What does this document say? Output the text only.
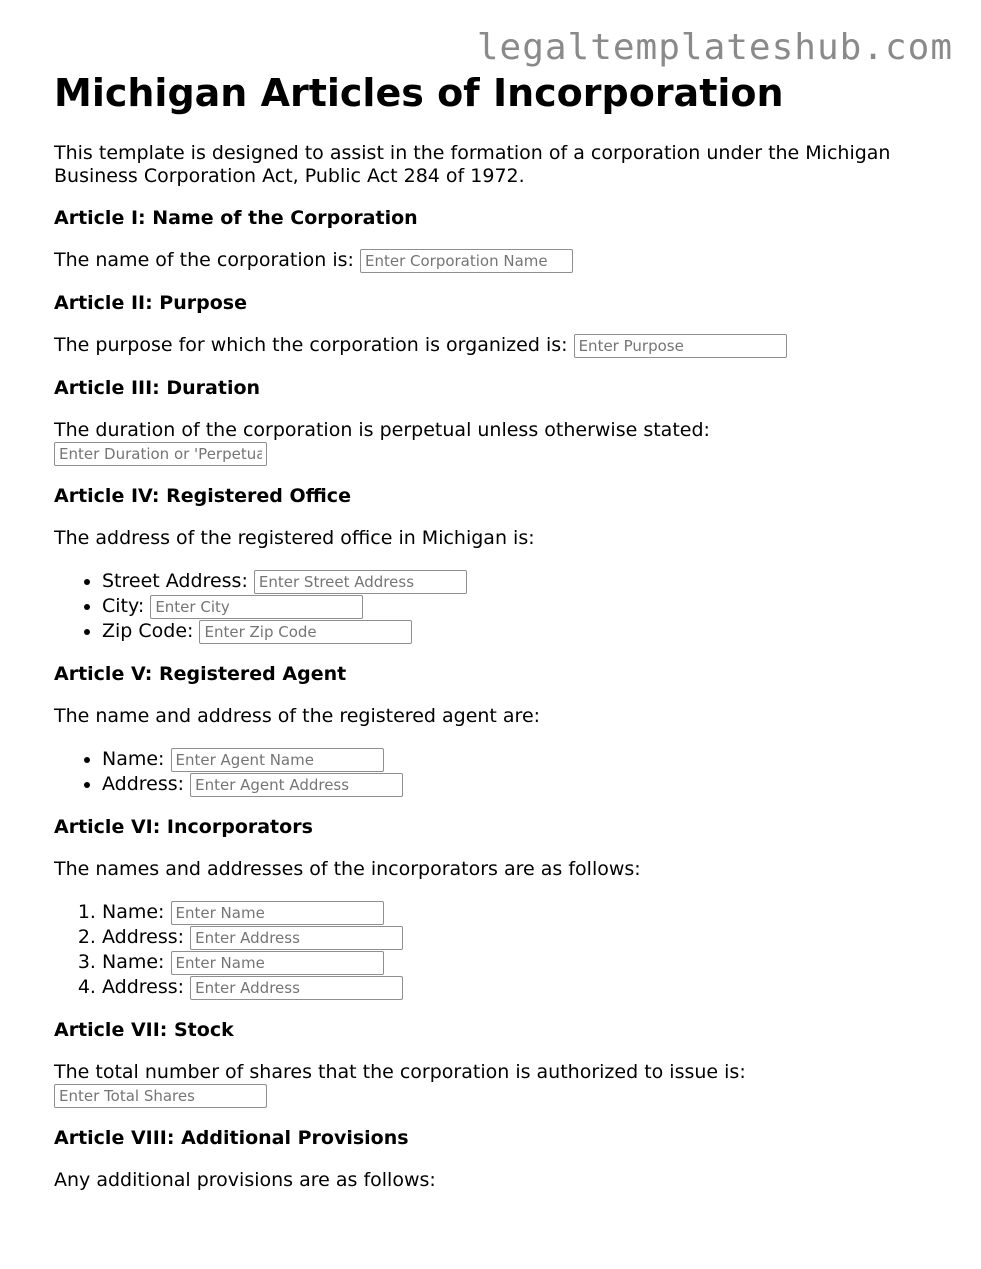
legaltemplateshub.com
Michigan Articles of Incorporation

This template is designed to assist in the formation of a corporation under the Michigan Business Corporation Act, Public Act 284 of 1972.

Article I: Name of the Corporation

The name of the corporation is: Enter Corporation Name

Article II: Purpose

The purpose for which the corporation is organized is: Enter Purpose

Article III: Duration

The duration of the corporation is perpetual unless otherwise stated:
Enter Duration or 'Perpetual'

Article IV: Registered Office

The address of the registered office in Michigan is:

• Street Address: Enter Street Address
• City: Enter City
• Zip Code: Enter Zip Code
Article V: Registered Agent

The name and address of the registered agent are:

• Name: Enter Agent Name
• Address: Enter Agent Address
Article VI: Incorporators

The names and addresses of the incorporators are as follows:

1. Name: Enter Name
2. Address: Enter Address
3. Name: Enter Name
4. Address: Enter Address
Article VII: Stock

The total number of shares that the corporation is authorized to issue is:
Enter Total Shares

Article VIII: Additional Provisions

Any additional provisions are as follows:
